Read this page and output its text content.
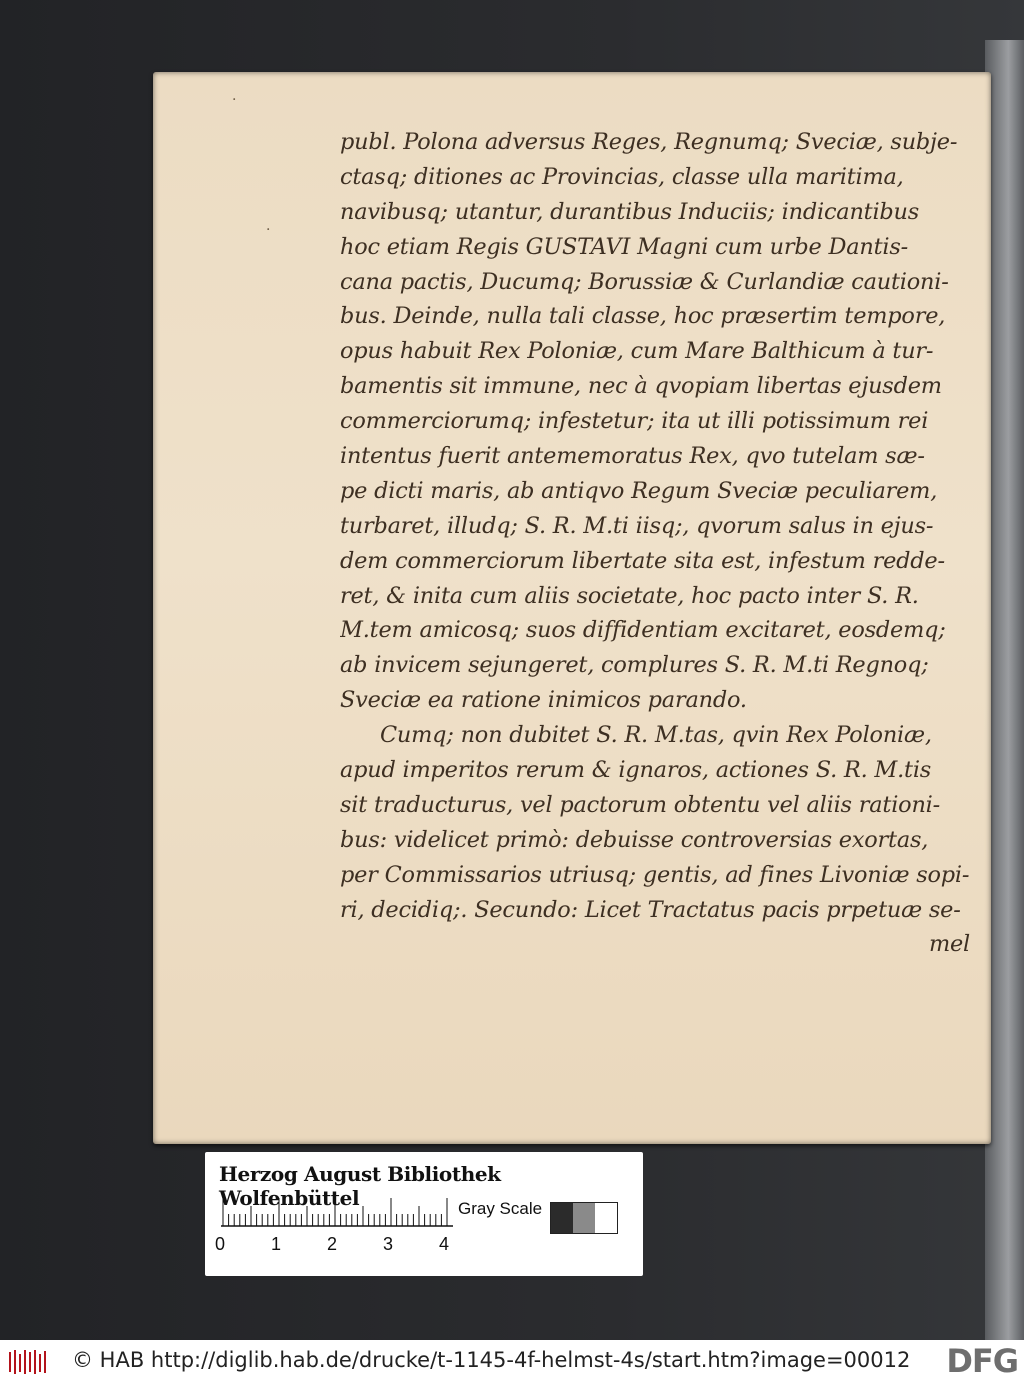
·
·
publ. Polona adversus Reges, Regnumq; Sveciæ, subje-
ctasq; ditiones ac Provincias, classe ulla maritima,
navibusq; utantur, durantibus Induciis; indicantibus
hoc etiam Regis GUSTAVI Magni cum urbe Dantis-
cana pactis, Ducumq; Borussiæ & Curlandiæ cautioni-
bus. Deinde, nulla tali classe, hoc præsertim tempore,
opus habuit Rex Poloniæ, cum Mare Balthicum à tur-
bamentis sit immune, nec à qvopiam libertas ejusdem
commerciorumq; infestetur; ita ut illi potissimum rei
intentus fuerit antememoratus Rex, qvo tutelam sæ-
pe dicti maris, ab antiqvo Regum Sveciæ peculiarem,
turbaret, illudq; S. R. M.ti iisq;, qvorum salus in ejus-
dem commerciorum libertate sita est, infestum redde-
ret, & inita cum aliis societate, hoc pacto inter S. R.
M.tem amicosq; suos diffidentiam excitaret, eosdemq;
ab invicem sejungeret, complures S. R. M.ti Regnoq;
Sveciæ ea ratione inimicos parando.
Cumq; non dubitet S. R. M.tas, qvin Rex Poloniæ,
apud imperitos rerum & ignaros, actiones S. R. M.tis
sit traducturus, vel pactorum obtentu vel aliis rationi-
bus: videlicet primò: debuisse controversias exortas,
per Commissarios utriusq; gentis, ad fines Livoniæ sopi-
ri, decidiq;. Secundo: Licet Tractatus pacis prpetuæ se-
mel
Herzog August Bibliothek Wolfenbüttel
0	1	2	3	4
Gray Scale
© HAB http://diglib.hab.de/drucke/t-1145-4f-helmst-4s/start.htm?image=00012	DFG
